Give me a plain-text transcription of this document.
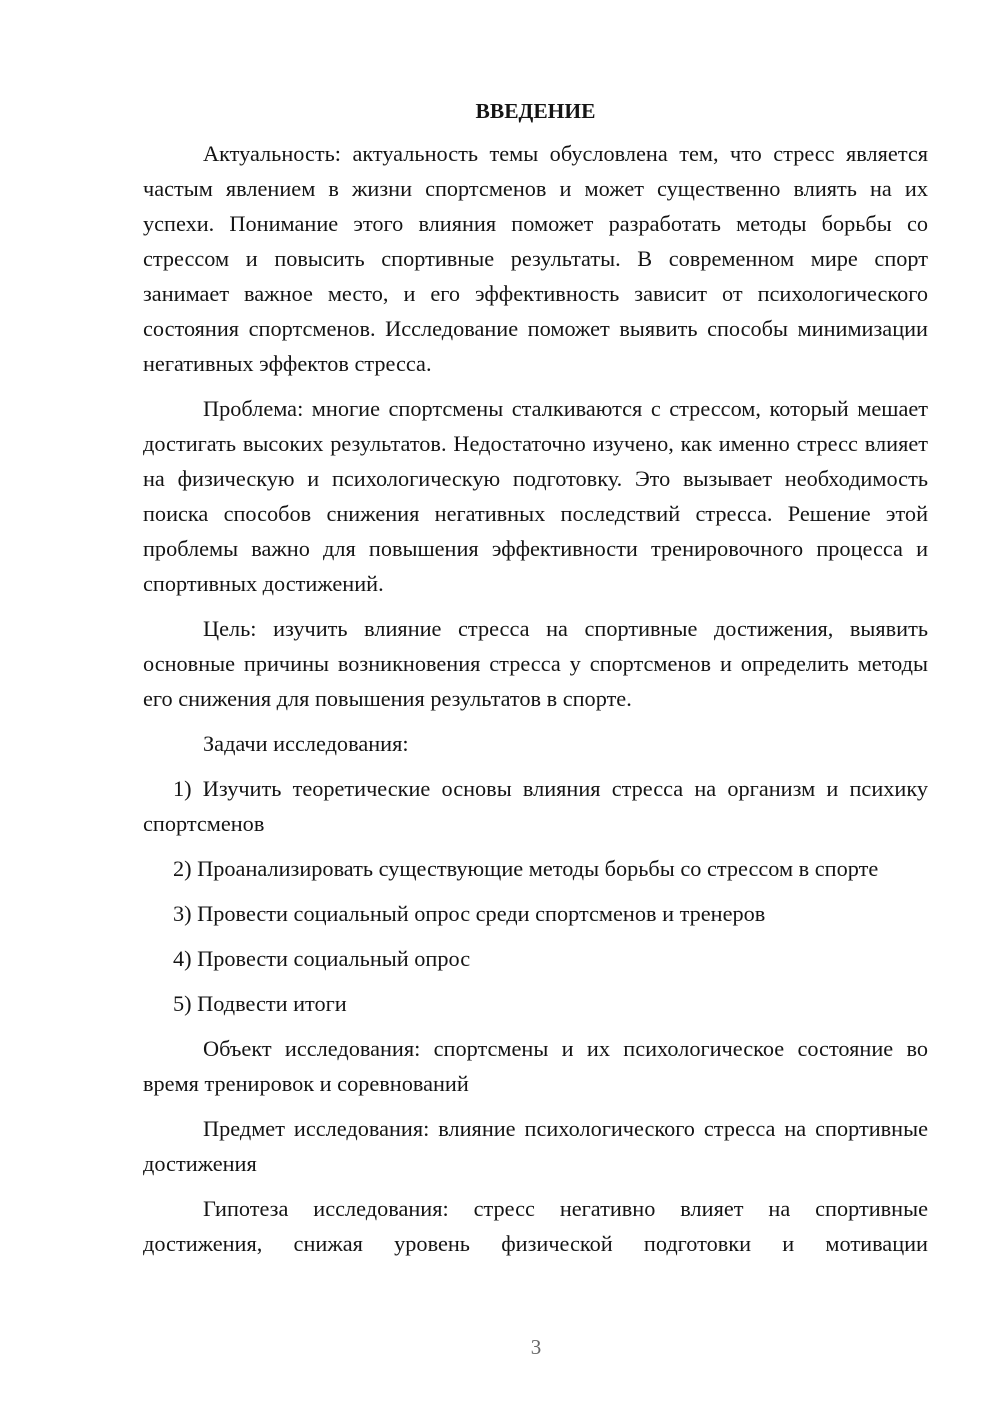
ВВЕДЕНИЕ

Актуальность: актуальность темы обусловлена тем, что стресс является частым явлением в жизни спортсменов и может существенно влиять на их успехи. Понимание этого влияния поможет разработать методы борьбы со стрессом и повысить спортивные результаты. В современном мире спорт занимает важное место, и его эффективность зависит от психологического состояния спортсменов. Исследование поможет выявить способы минимизации негативных эффектов стресса.

Проблема: многие спортсмены сталкиваются с стрессом, который мешает достигать высоких результатов. Недостаточно изучено, как именно стресс влияет на физическую и психологическую подготовку. Это вызывает необходимость поиска способов снижения негативных последствий стресса. Решение этой проблемы важно для повышения эффективности тренировочного процесса и спортивных достижений.

Цель: изучить влияние стресса на спортивные достижения, выявить основные причины возникновения стресса у спортсменов и определить методы его снижения для повышения результатов в спорте.

Задачи исследования:

1) Изучить теоретические основы влияния стресса на организм и психику спортсменов

2) Проанализировать существующие методы борьбы со стрессом в спорте

3) Провести социальный опрос среди спортсменов и тренеров

4) Провести социальный опрос

5) Подвести итоги

Объект исследования: спортсмены и их психологическое состояние во время тренировок и соревнований

Предмет исследования: влияние психологического стресса на спортивные достижения

Гипотеза исследования: стресс негативно влияет на спортивные достижения, снижая уровень физической подготовки и мотивации

3
